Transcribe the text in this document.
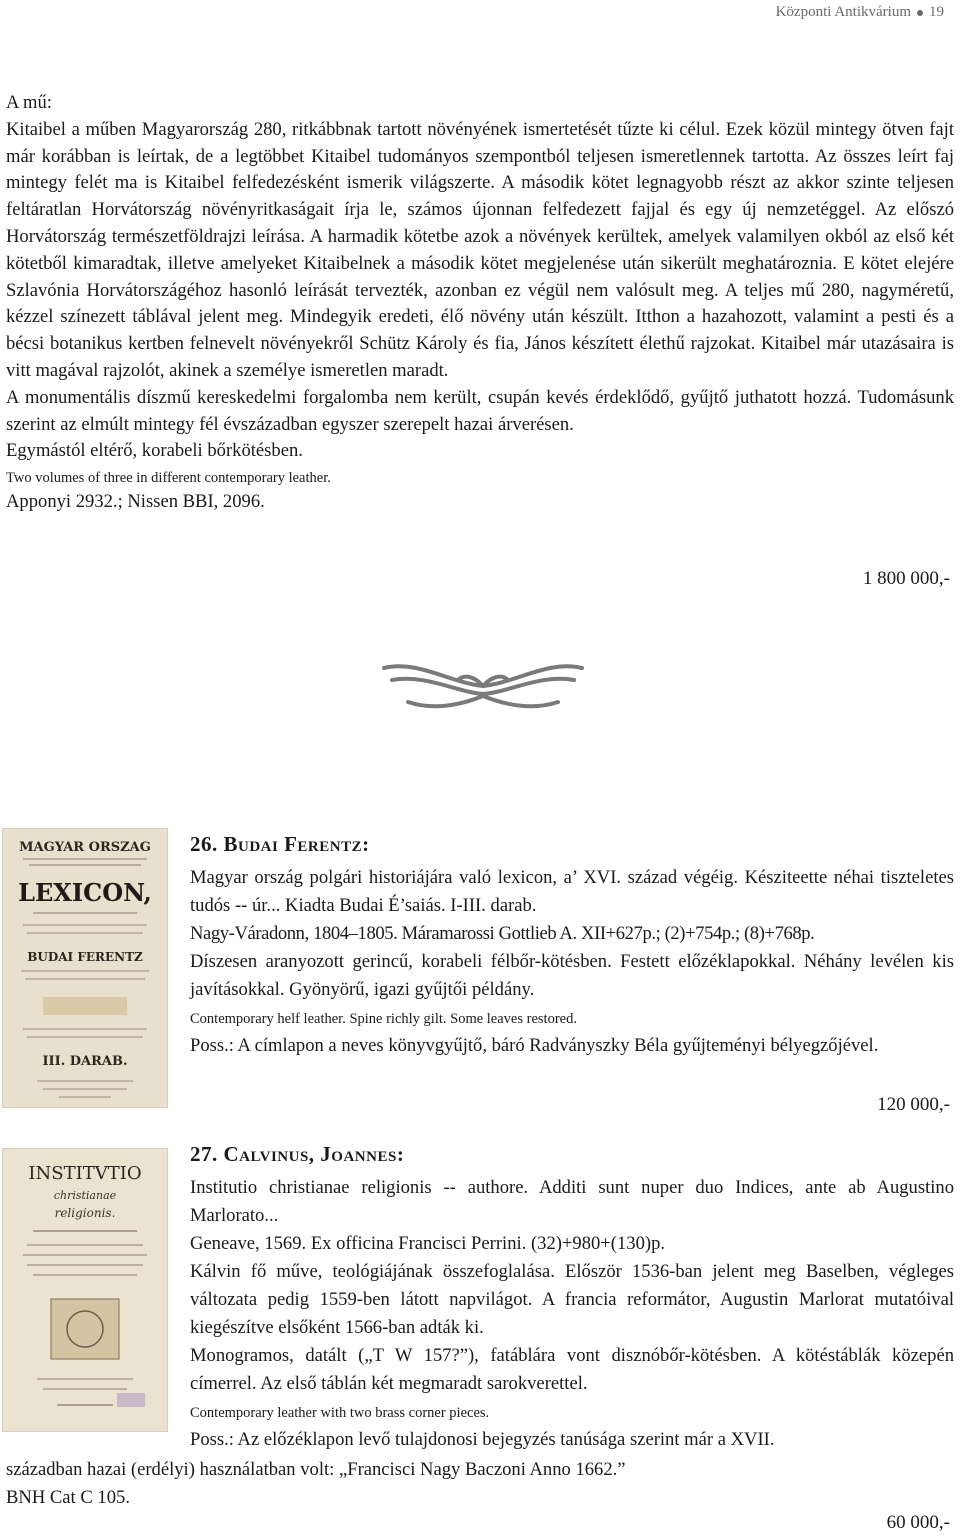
Központi Antikvárium 19

A mű:

Kitaibel a műben Magyarország 280, ritkábbnak tartott növényének ismertetését tűzte ki célul. Ezek közül mintegy ötven fajt már korábban is leírtak, de a legtöbbet Kitaibel tudományos szempontból teljesen ismeretlennek tartotta. Az összes leírt faj mintegy felét ma is Kitaibel felfedezésként ismerik világszerte. A második kötet legnagyobb részt az akkor szinte teljesen feltáratlan Horvátország növényritkaságait írja le, számos újonnan felfedezett fajjal és egy új nemzetéggel. Az előszó Horvátország természetföldrajzi leírása. A harmadik kötetbe azok a növények kerültek, amelyek valamilyen okból az első két kötetből kimaradtak, illetve amelyeket Kitaibelnek a második kötet megjelenése után sikerült meghatároznia. E kötet elejére Szlavónia Horvátországéhoz hasonló leírását tervezték, azonban ez végül nem valósult meg. A teljes mű 280, nagyméretű, kézzel színezett táblával jelent meg. Mindegyik eredeti, élő növény után készült. Itthon a hazahozott, valamint a pesti és a bécsi botanikus kertben felnevelt növényekről Schütz Károly és fia, János készített élethű rajzokat. Kitaibel már utazásaira is vitt magával rajzolót, akinek a személye ismeretlen maradt.

A monumentális díszmű kereskedelmi forgalomba nem került, csupán kevés érdeklődő, gyűjtő juthatott hozzá. Tudomásunk szerint az elmúlt mintegy fél évszázadban egyszer szerepelt hazai árverésen.

Egymástól eltérő, korabeli bőrkötésben.

Two volumes of three in different contemporary leather.

Apponyi 2932.; Nissen BBI, 2096.

1 800 000,-
MAGYAR ORSZAG
LEXICON,
BUDAI FERENTZ
III. DARAB.

26. Budai Ferentz:

Magyar ország polgári historiájára való lexicon, a’ XVI. század végéig. Késziteette néhai tiszteletes tudós -- úr... Kiadta Budai É’saiás. I-III. darab.

Nagy-Váradonn, 1804–1805. Máramarossi Gottlieb A. XII+627p.; (2)+754p.; (8)+768p.

Díszesen aranyozott gerincű, korabeli félbőr-kötésben. Festett előzéklapokkal. Néhány levélen kis javításokkal. Gyönyörű, igazi gyűjtői példány.

Contemporary helf leather. Spine richly gilt. Some leaves restored.

Poss.: A címlapon a neves könyvgyűjtő, báró Radványszky Béla gyűjteményi bélyegzőjével.

120 000,-
INSTITVTIO
christianae
religionis.

27. Calvinus, Joannes:

Institutio christianae religionis -- authore. Additi sunt nuper duo Indices, ante ab Augustino Marlorato...

Geneave, 1569. Ex officina Francisci Perrini. (32)+980+(130)p.

Kálvin fő műve, teológiájának összefoglalása. Először 1536-ban jelent meg Baselben, végleges változata pedig 1559-ben látott napvilágot. A francia reformátor, Augustin Marlorat mutatóival kiegészítve elsőként 1566-ban adták ki.

Monogramos, datált („T W 157?”), fatáblára vont disznóbőr-kötésben. A kötéstáblák közepén címerrel. Az első táblán két megmaradt sarokverettel.

Contemporary leather with two brass corner pieces.

Poss.: Az előzéklapon levő tulajdonosi bejegyzés tanúsága szerint már a XVII.

században hazai (erdélyi) használatban volt: „Francisci Nagy Baczoni Anno 1662.”

BNH Cat C 105.

60 000,-
